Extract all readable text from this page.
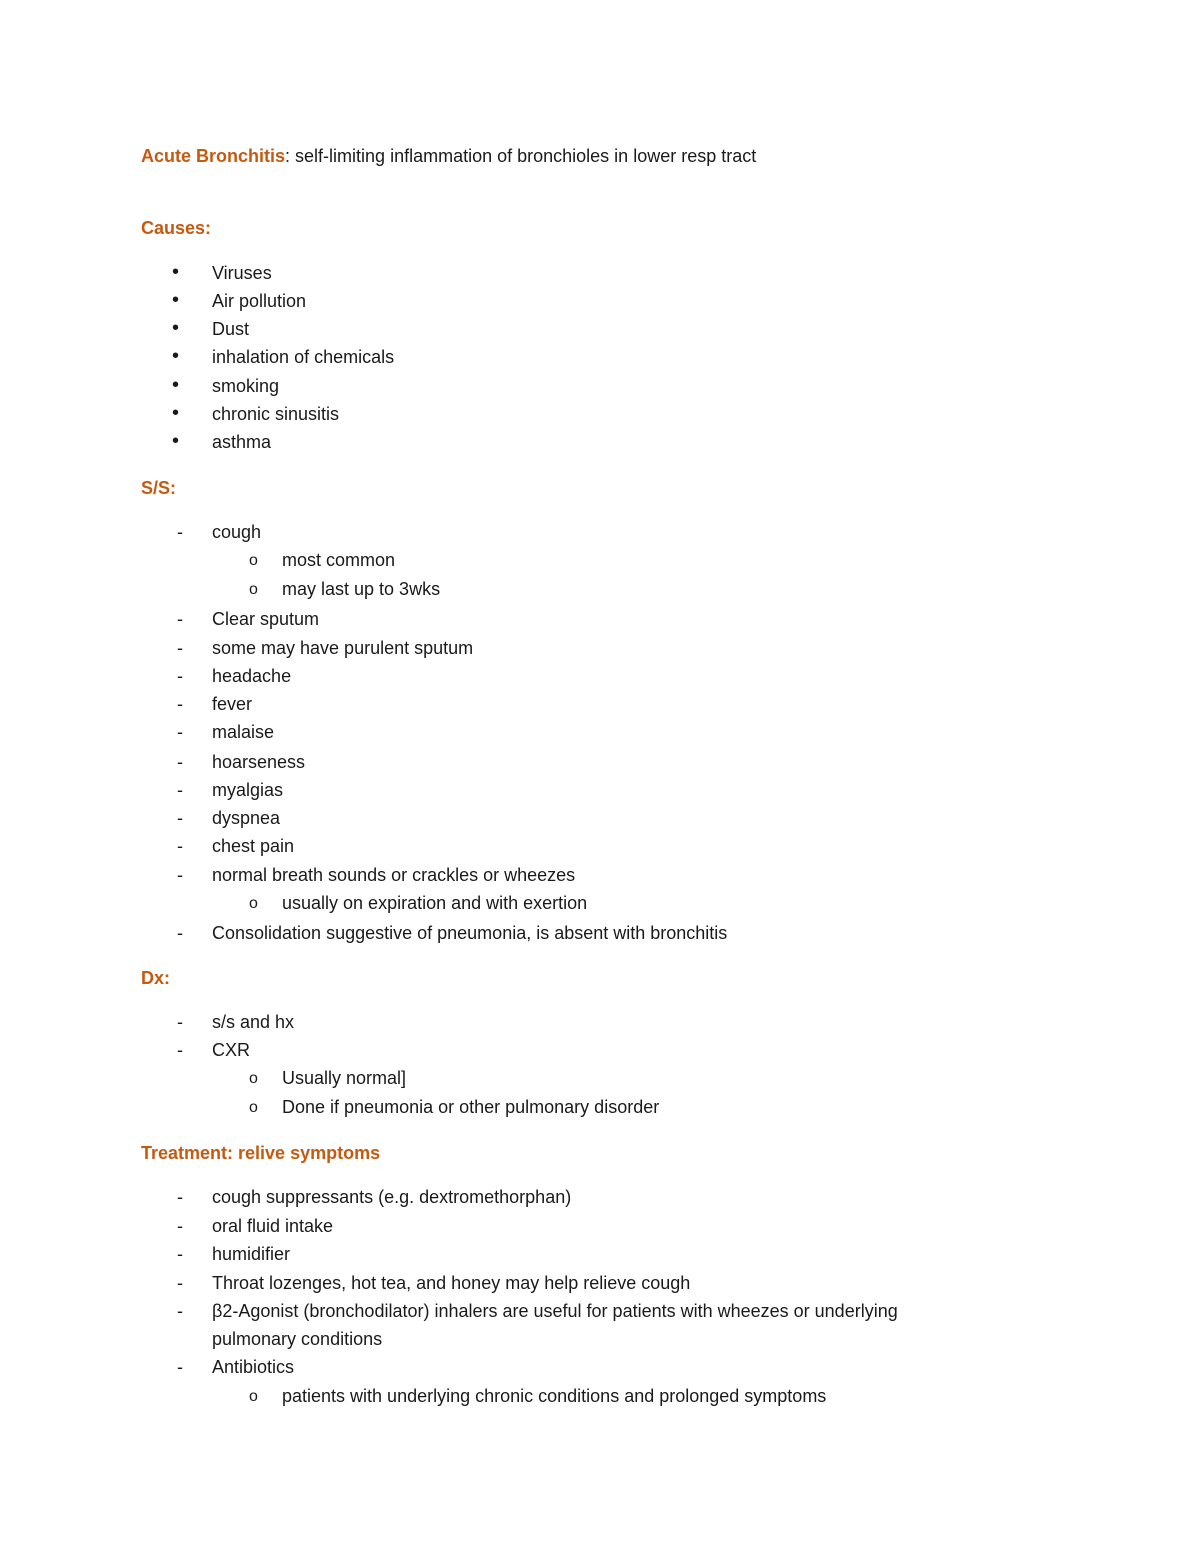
Acute Bronchitis: self-limiting inflammation of bronchioles in lower resp tract
Causes:
• Viruses
• Air pollution
• Dust
• inhalation of chemicals
• smoking
• chronic sinusitis
• asthma
S/S:
- cough
o most common
o may last up to 3wks
- Clear sputum
- some may have purulent sputum
- headache
- fever
- malaise
- hoarseness
- myalgias
- dyspnea
- chest pain
- normal breath sounds or crackles or wheezes
o usually on expiration and with exertion
- Consolidation suggestive of pneumonia, is absent with bronchitis
Dx:
- s/s and hx
- CXR
o Usually normal]
o Done if pneumonia or other pulmonary disorder
Treatment: relive symptoms
- cough suppressants (e.g. dextromethorphan)
- oral fluid intake
- humidifier
- Throat lozenges, hot tea, and honey may help relieve cough
- β2-Agonist (bronchodilator) inhalers are useful for patients with wheezes or underlying
pulmonary conditions
- Antibiotics
o patients with underlying chronic conditions and prolonged symptoms
